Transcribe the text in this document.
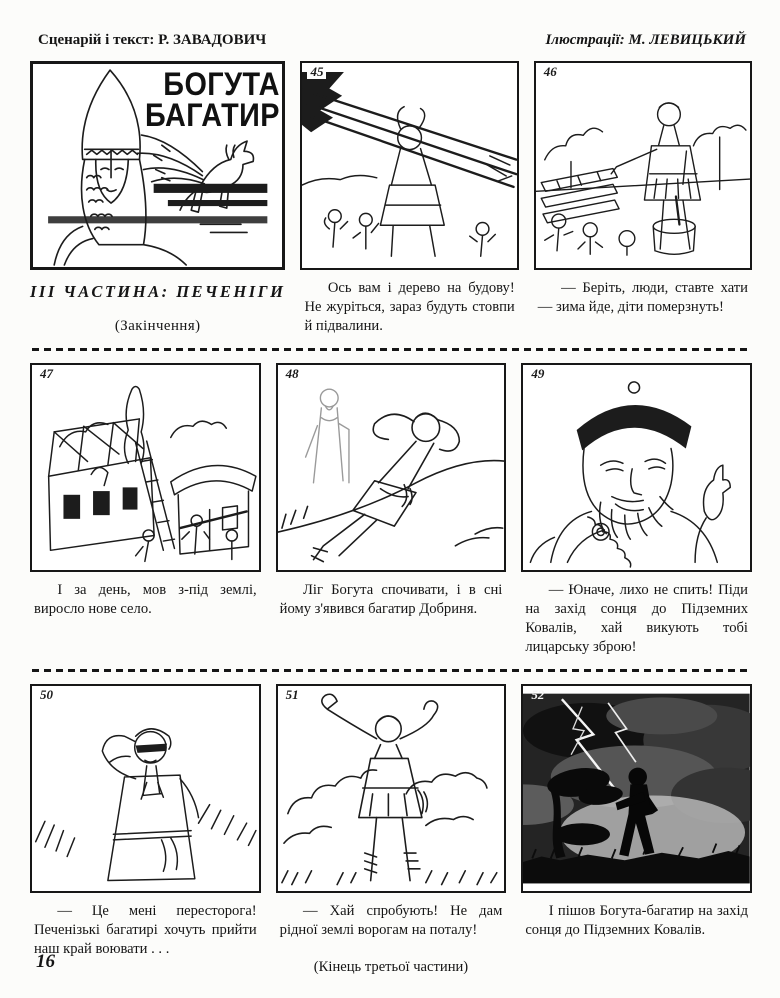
Сценарій і текст: Р. ЗАВАДОВИЧ	Ілюстрації: М. ЛЕВИЦЬКИЙ
БОГУТА
БАГАТИР
ІІІ ЧАСТИНА: ПЕЧЕНІГИ
(Закінчення)
45

Ось вам і дерево на будову! Не журіться, зараз будуть стовпи й підвалини.

46

— Беріть, люди, ставте хати — зима йде, діти померзнуть!

47

І за день, мов з-під землі, виросло нове село.

48

Ліг Богута спочивати, і в сні йому з'явився багатир Добриня.

49

— Юначе, лихо не спить! Піди на захід сонця до Підземних Ковалів, хай викують тобі лицарську зброю!

50

— Це мені пересторога! Печенізькі багатирі хочуть прийти наш край воювати . . .

51

— Хай спробують! Не дам рідної землі ворогам на поталу!

(Кінець третьої частини)

52

І пішов Богута-багатир на захід сонця до Підземних Ковалів.

16
